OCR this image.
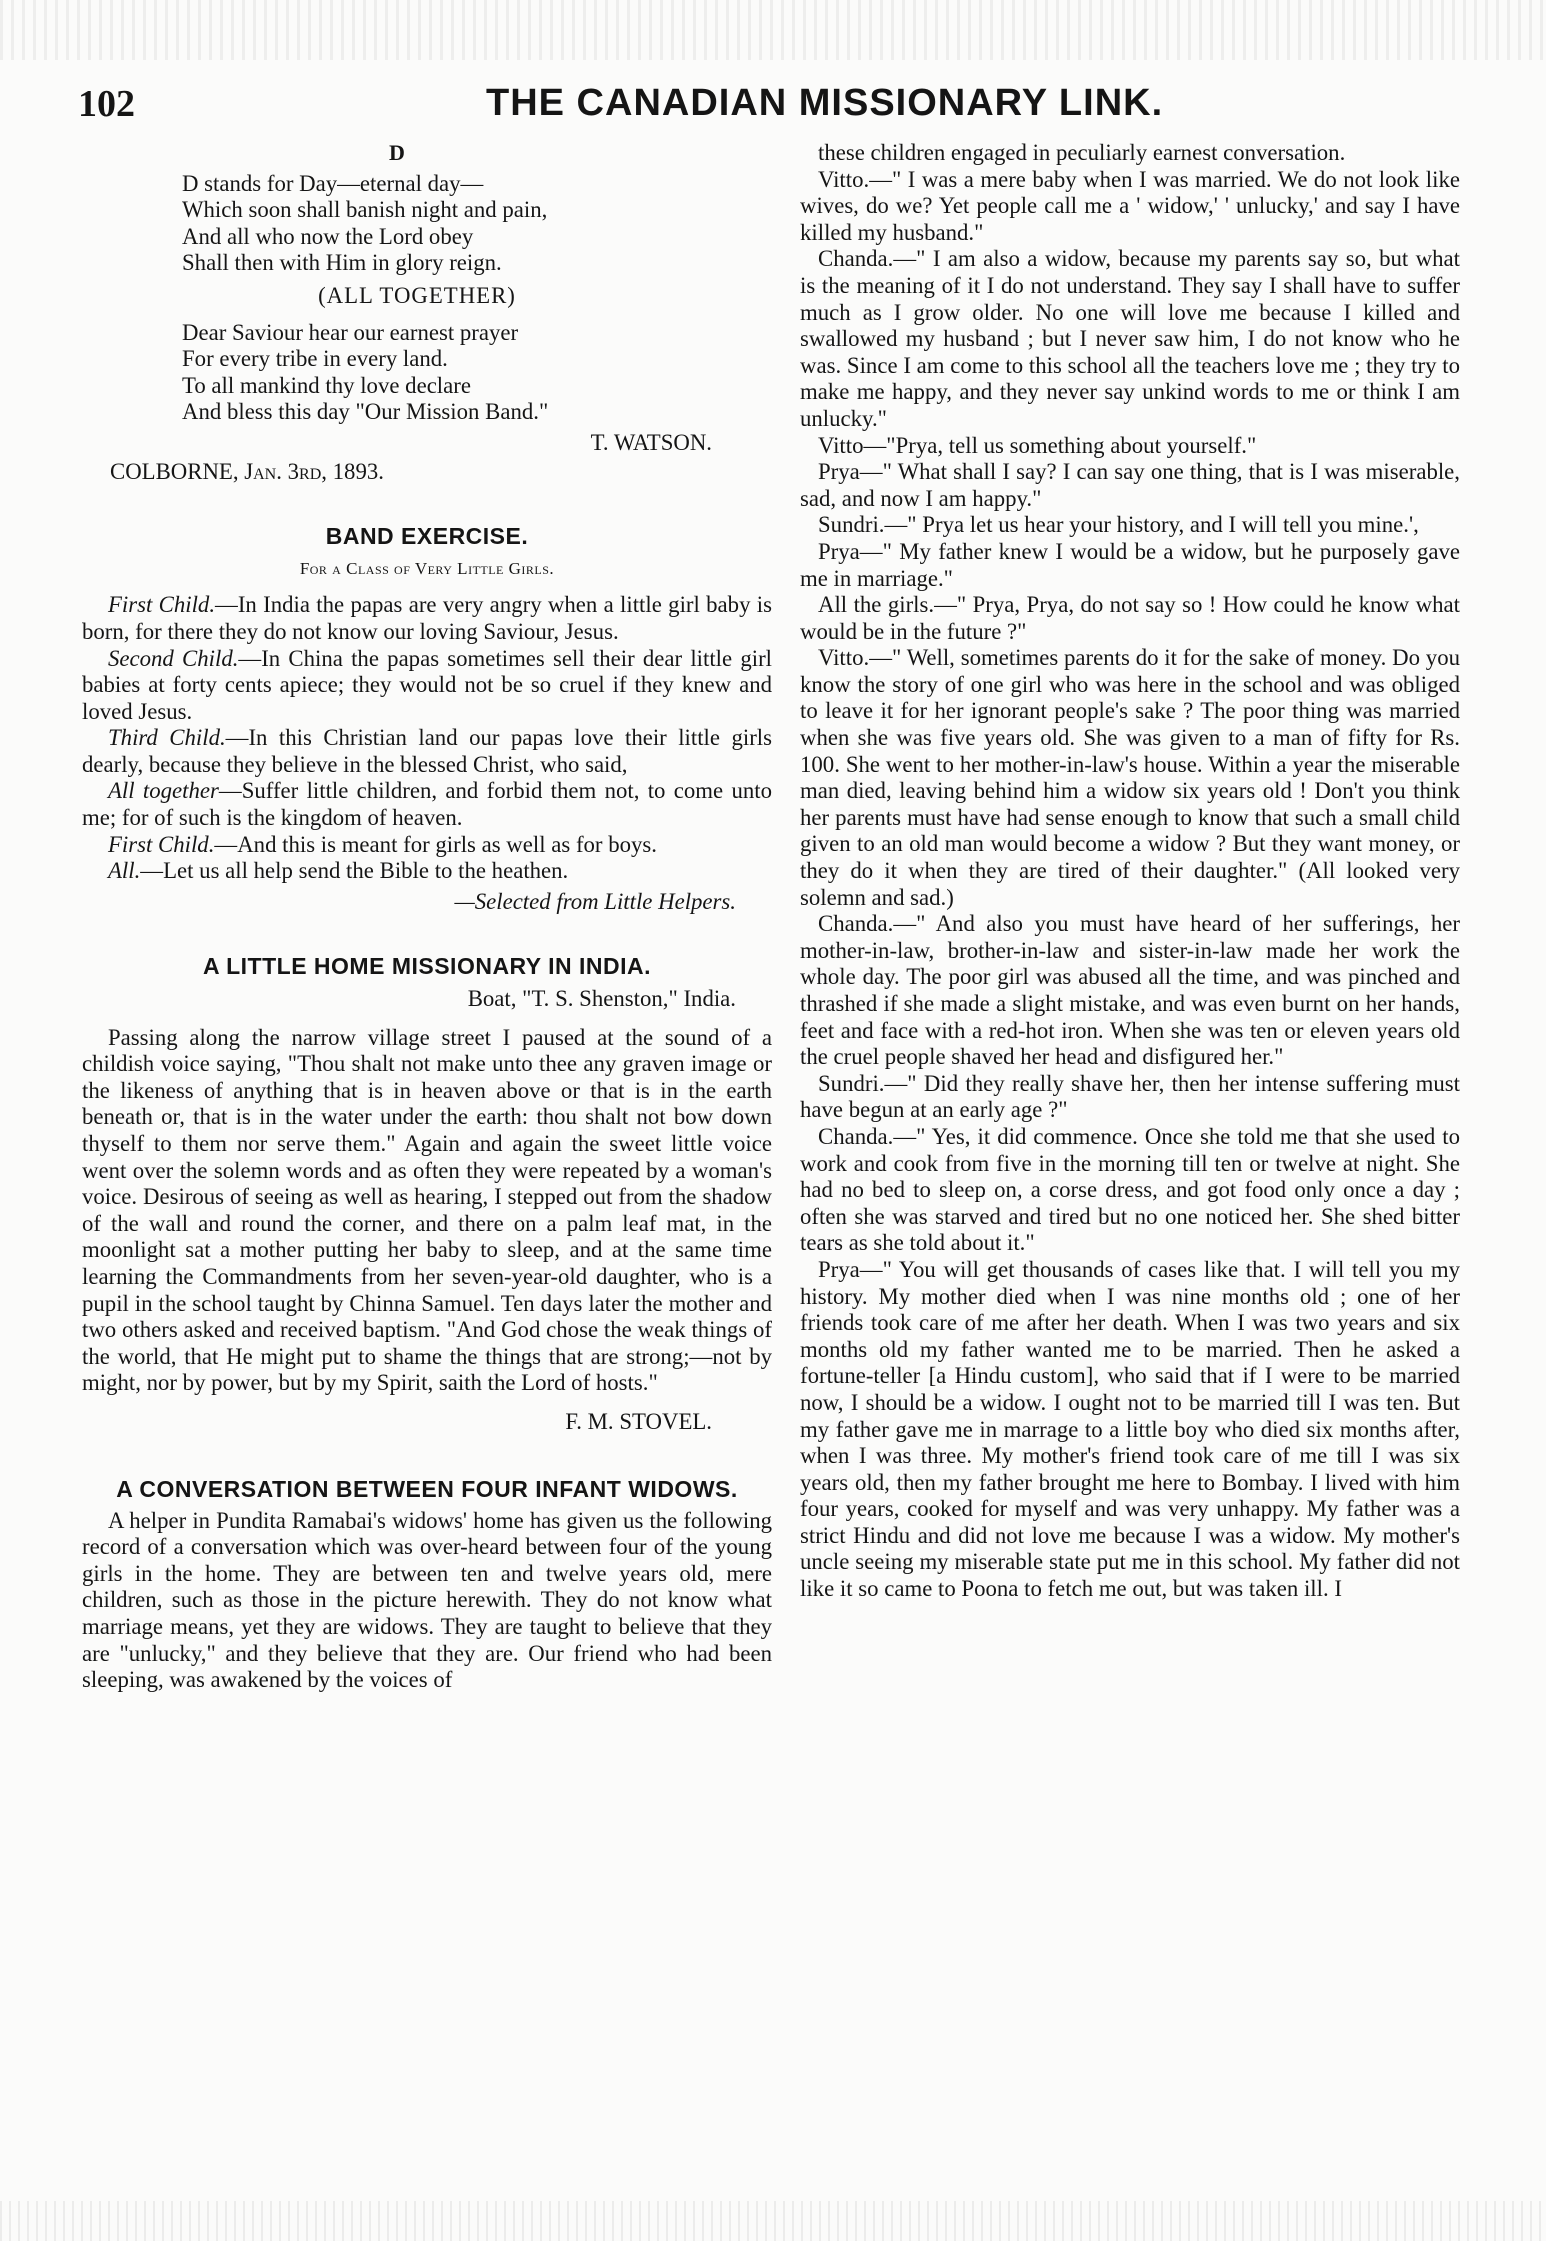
102	THE CANADIAN MISSIONARY LINK.
D
D stands for Day—eternal day—
Which soon shall banish night and pain,
And all who now the Lord obey
Shall then with Him in glory reign.
(ALL TOGETHER)
Dear Saviour hear our earnest prayer
For every tribe in every land.
To all mankind thy love declare
And bless this day "Our Mission Band."
T. WATSON.
COLBORNE, Jan. 3rd, 1893.
BAND EXERCISE.
For a Class of Very Little Girls.

First Child.—In India the papas are very angry when a little girl baby is born, for there they do not know our loving Saviour, Jesus.

Second Child.—In China the papas sometimes sell their dear little girl babies at forty cents apiece; they would not be so cruel if they knew and loved Jesus.

Third Child.—In this Christian land our papas love their little girls dearly, because they believe in the blessed Christ, who said,

All together—Suffer little children, and forbid them not, to come unto me; for of such is the kingdom of heaven.

First Child.—And this is meant for girls as well as for boys.

All.—Let us all help send the Bible to the heathen.

—Selected from Little Helpers.
A LITTLE HOME MISSIONARY IN INDIA.
Boat, "T. S. Shenston," India.

Passing along the narrow village street I paused at the sound of a childish voice saying, "Thou shalt not make unto thee any graven image or the likeness of anything that is in heaven above or that is in the earth beneath or, that is in the water under the earth: thou shalt not bow down thyself to them nor serve them." Again and again the sweet little voice went over the solemn words and as often they were repeated by a woman's voice. Desirous of seeing as well as hearing, I stepped out from the shadow of the wall and round the corner, and there on a palm leaf mat, in the moonlight sat a mother putting her baby to sleep, and at the same time learning the Commandments from her seven-year-old daughter, who is a pupil in the school taught by Chinna Samuel. Ten days later the mother and two others asked and received baptism. "And God chose the weak things of the world, that He might put to shame the things that are strong;—not by might, nor by power, but by my Spirit, saith the Lord of hosts."

F. M. STOVEL.
A CONVERSATION BETWEEN FOUR INFANT WIDOWS.

A helper in Pundita Ramabai's widows' home has given us the following record of a conversation which was over-heard between four of the young girls in the home. They are between ten and twelve years old, mere children, such as those in the picture herewith. They do not know what marriage means, yet they are widows. They are taught to believe that they are "unlucky," and they believe that they are. Our friend who had been sleeping, was awakened by the voices of

these children engaged in peculiarly earnest conversation.

Vitto.—" I was a mere baby when I was married. We do not look like wives, do we? Yet people call me a ' widow,' ' unlucky,' and say I have killed my husband."

Chanda.—" I am also a widow, because my parents say so, but what is the meaning of it I do not understand. They say I shall have to suffer much as I grow older. No one will love me because I killed and swallowed my husband ; but I never saw him, I do not know who he was. Since I am come to this school all the teachers love me ; they try to make me happy, and they never say unkind words to me or think I am unlucky."

Vitto—"Prya, tell us something about yourself."

Prya—" What shall I say? I can say one thing, that is I was miserable, sad, and now I am happy."

Sundri.—" Prya let us hear your history, and I will tell you mine.',

Prya—" My father knew I would be a widow, but he purposely gave me in marriage."

All the girls.—" Prya, Prya, do not say so ! How could he know what would be in the future ?"

Vitto.—" Well, sometimes parents do it for the sake of money. Do you know the story of one girl who was here in the school and was obliged to leave it for her ignorant people's sake ? The poor thing was married when she was five years old. She was given to a man of fifty for Rs. 100. She went to her mother-in-law's house. Within a year the miserable man died, leaving behind him a widow six years old ! Don't you think her parents must have had sense enough to know that such a small child given to an old man would become a widow ? But they want money, or they do it when they are tired of their daughter." (All looked very solemn and sad.)

Chanda.—" And also you must have heard of her sufferings, her mother-in-law, brother-in-law and sister-in-law made her work the whole day. The poor girl was abused all the time, and was pinched and thrashed if she made a slight mistake, and was even burnt on her hands, feet and face with a red-hot iron. When she was ten or eleven years old the cruel people shaved her head and disfigured her."

Sundri.—" Did they really shave her, then her intense suffering must have begun at an early age ?"

Chanda.—" Yes, it did commence. Once she told me that she used to work and cook from five in the morning till ten or twelve at night. She had no bed to sleep on, a corse dress, and got food only once a day ; often she was starved and tired but no one noticed her. She shed bitter tears as she told about it."

Prya—" You will get thousands of cases like that. I will tell you my history. My mother died when I was nine months old ; one of her friends took care of me after her death. When I was two years and six months old my father wanted me to be married. Then he asked a fortune-teller [a Hindu custom], who said that if I were to be married now, I should be a widow. I ought not to be married till I was ten. But my father gave me in marrage to a little boy who died six months after, when I was three. My mother's friend took care of me till I was six years old, then my father brought me here to Bombay. I lived with him four years, cooked for myself and was very unhappy. My father was a strict Hindu and did not love me because I was a widow. My mother's uncle seeing my miserable state put me in this school. My father did not like it so came to Poona to fetch me out, but was taken ill. I
